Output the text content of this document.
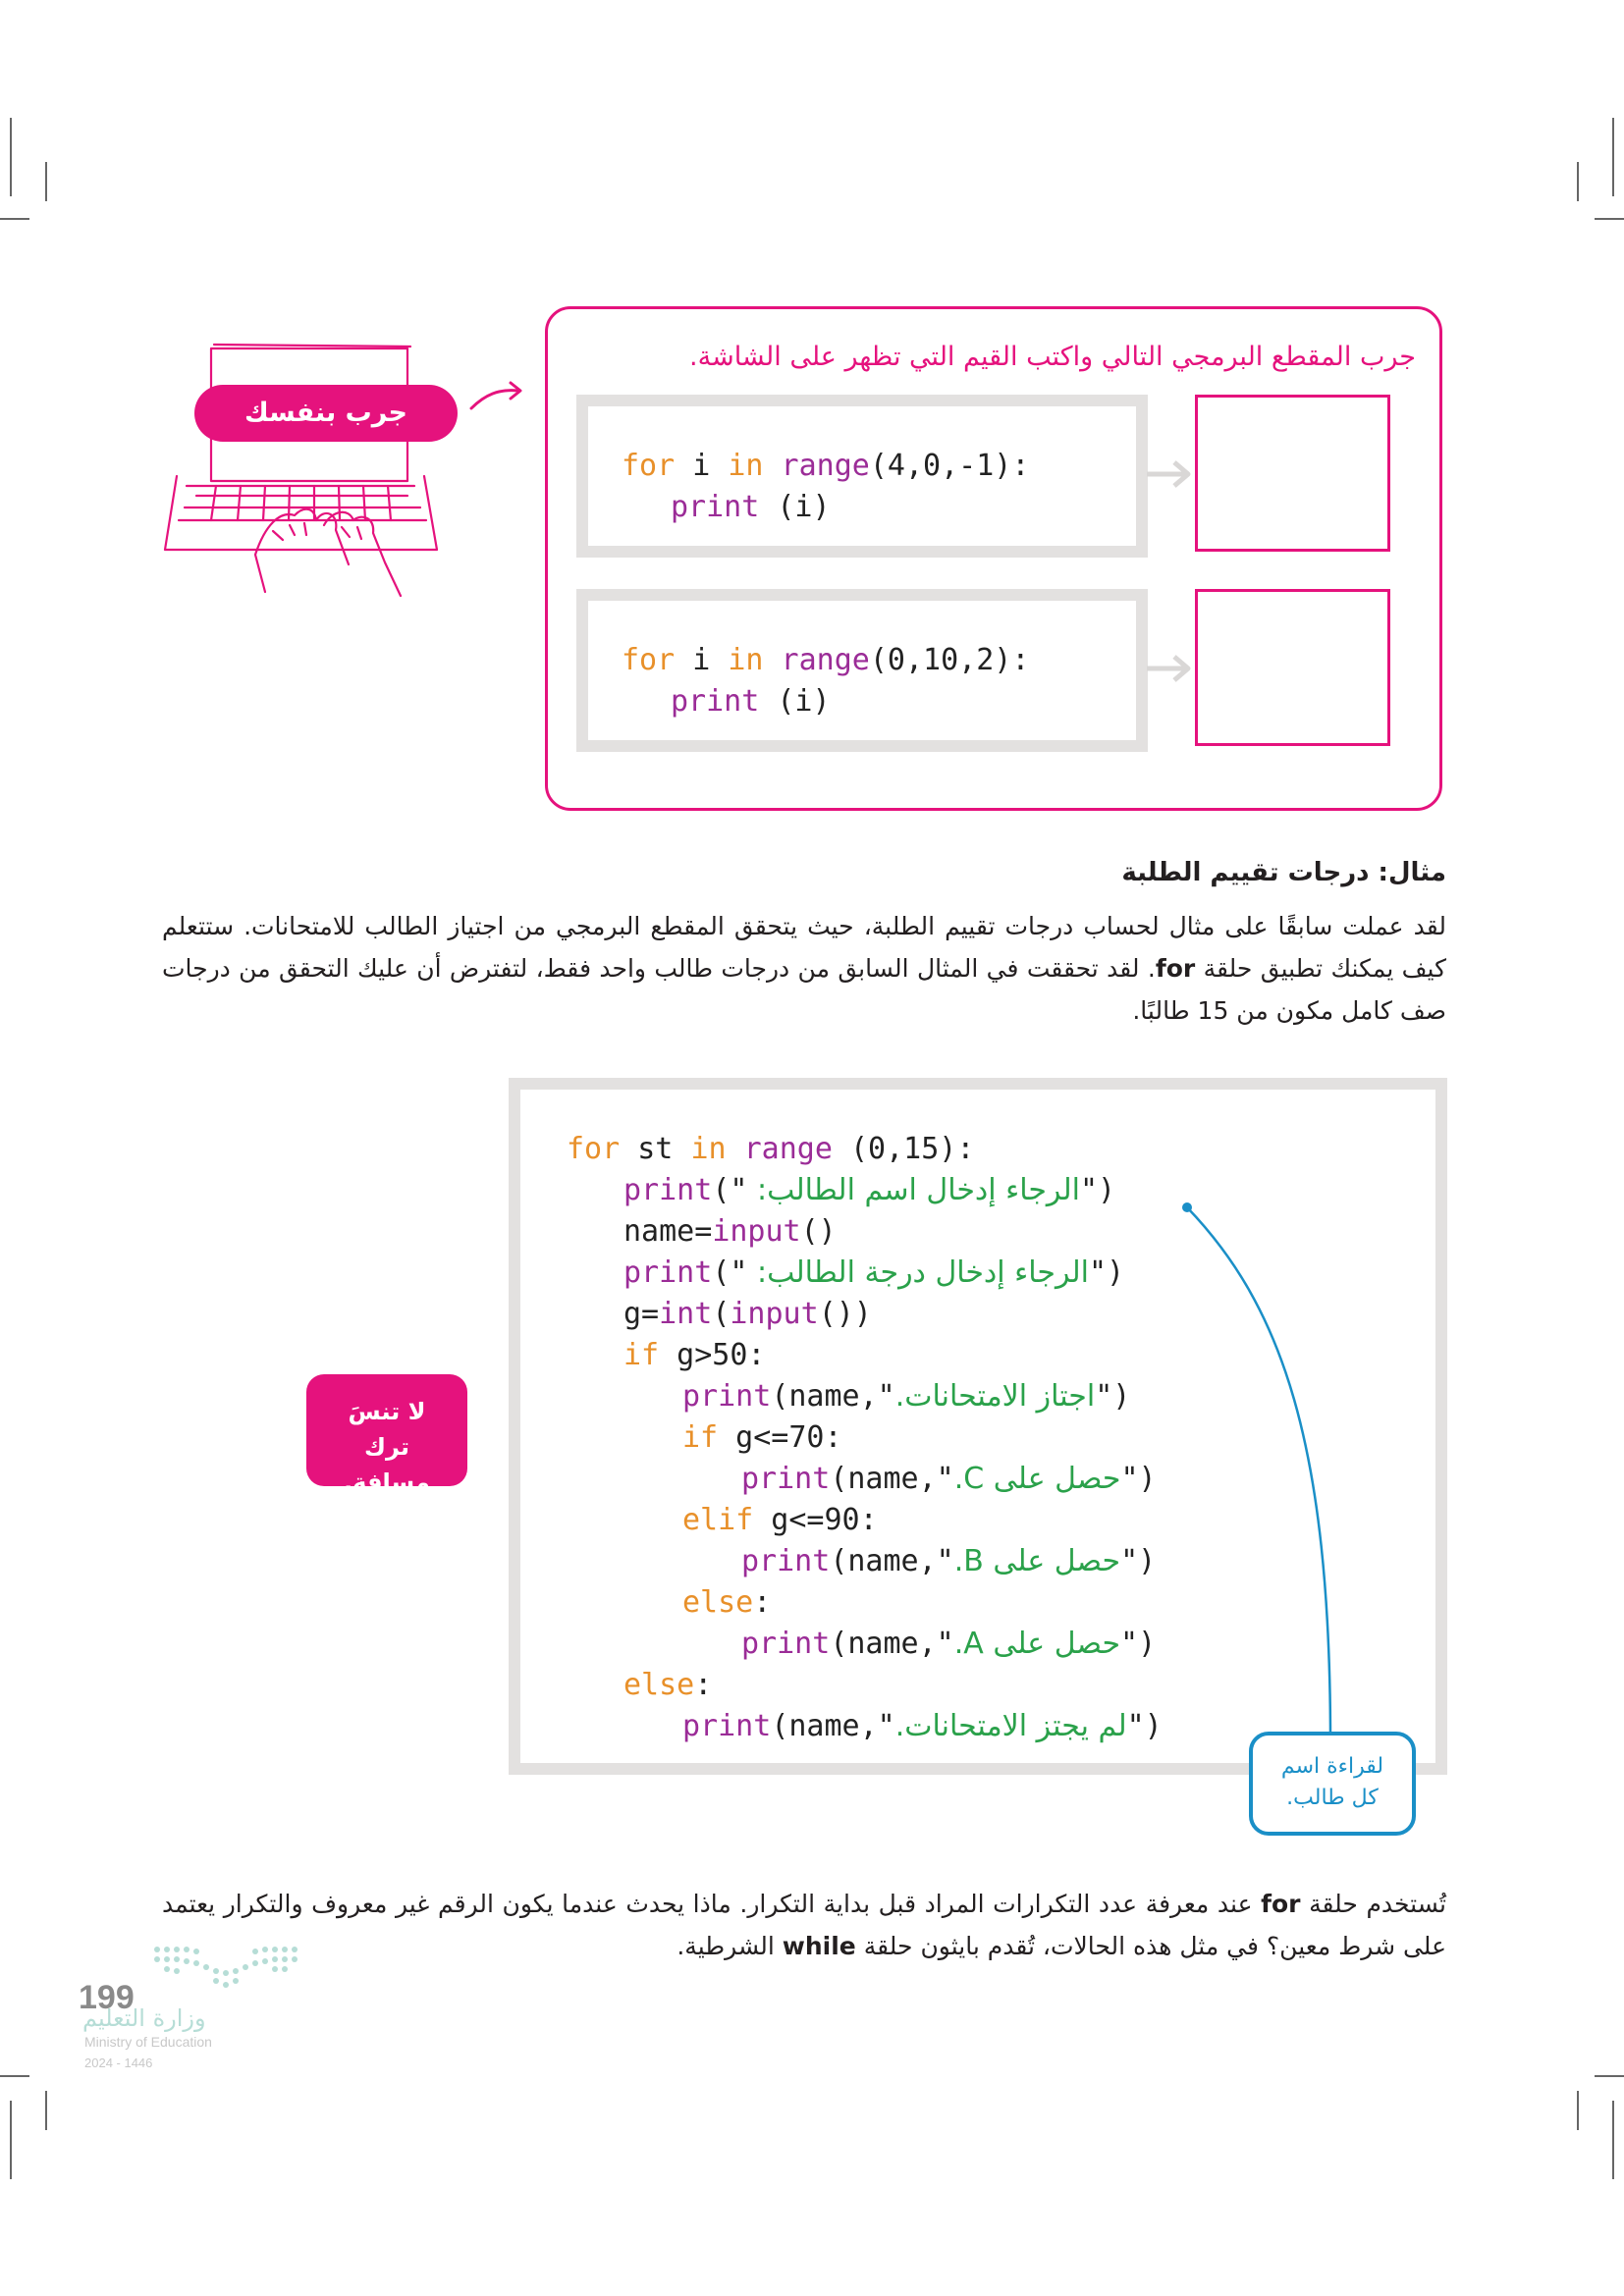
جرب بنفسك
جرب المقطع البرمجي التالي واكتب القيم التي تظهر على الشاشة.
for i in range(4,0,-1):
print (i)
for i in range(0,10,2):
print (i)
مثال: درجات تقييم الطلبة
لقد عملت سابقًا على مثال لحساب درجات تقييم الطلبة، حيث يتحقق المقطع البرمجي من اجتياز الطالب للامتحانات. ستتعلم كيف يمكنك تطبيق حلقة for. لقد تحققت في المثال السابق من درجات طالب واحد فقط، لتفترض أن عليك التحقق من درجات صف كامل مكون من 15 طالبًا.
for st in range (0,15):
print("الرجاء إدخال اسم الطالب: ")
name=input()
print("الرجاء إدخال درجة الطالب: ")
g=int(input())
if g>50:
print(name,"اجتاز الامتحانات.")
if g<=70:
print(name,"حصل على C.")
elif g<=90:
print(name,"حصل على B.")
else:
print(name,"حصل على A.")
else:
print(name,"لم يجتز الامتحانات.")
لا تنسَ ترك مسافة.
لقراءة اسم كل طالب.
تُستخدم حلقة for عند معرفة عدد التكرارات المراد قبل بداية التكرار. ماذا يحدث عندما يكون الرقم غير معروف والتكرار يعتمد على شرط معين؟ في مثل هذه الحالات، تُقدم بايثون حلقة while الشرطية.
199
وزارة التعليم
Ministry of Education
2024 - 1446
